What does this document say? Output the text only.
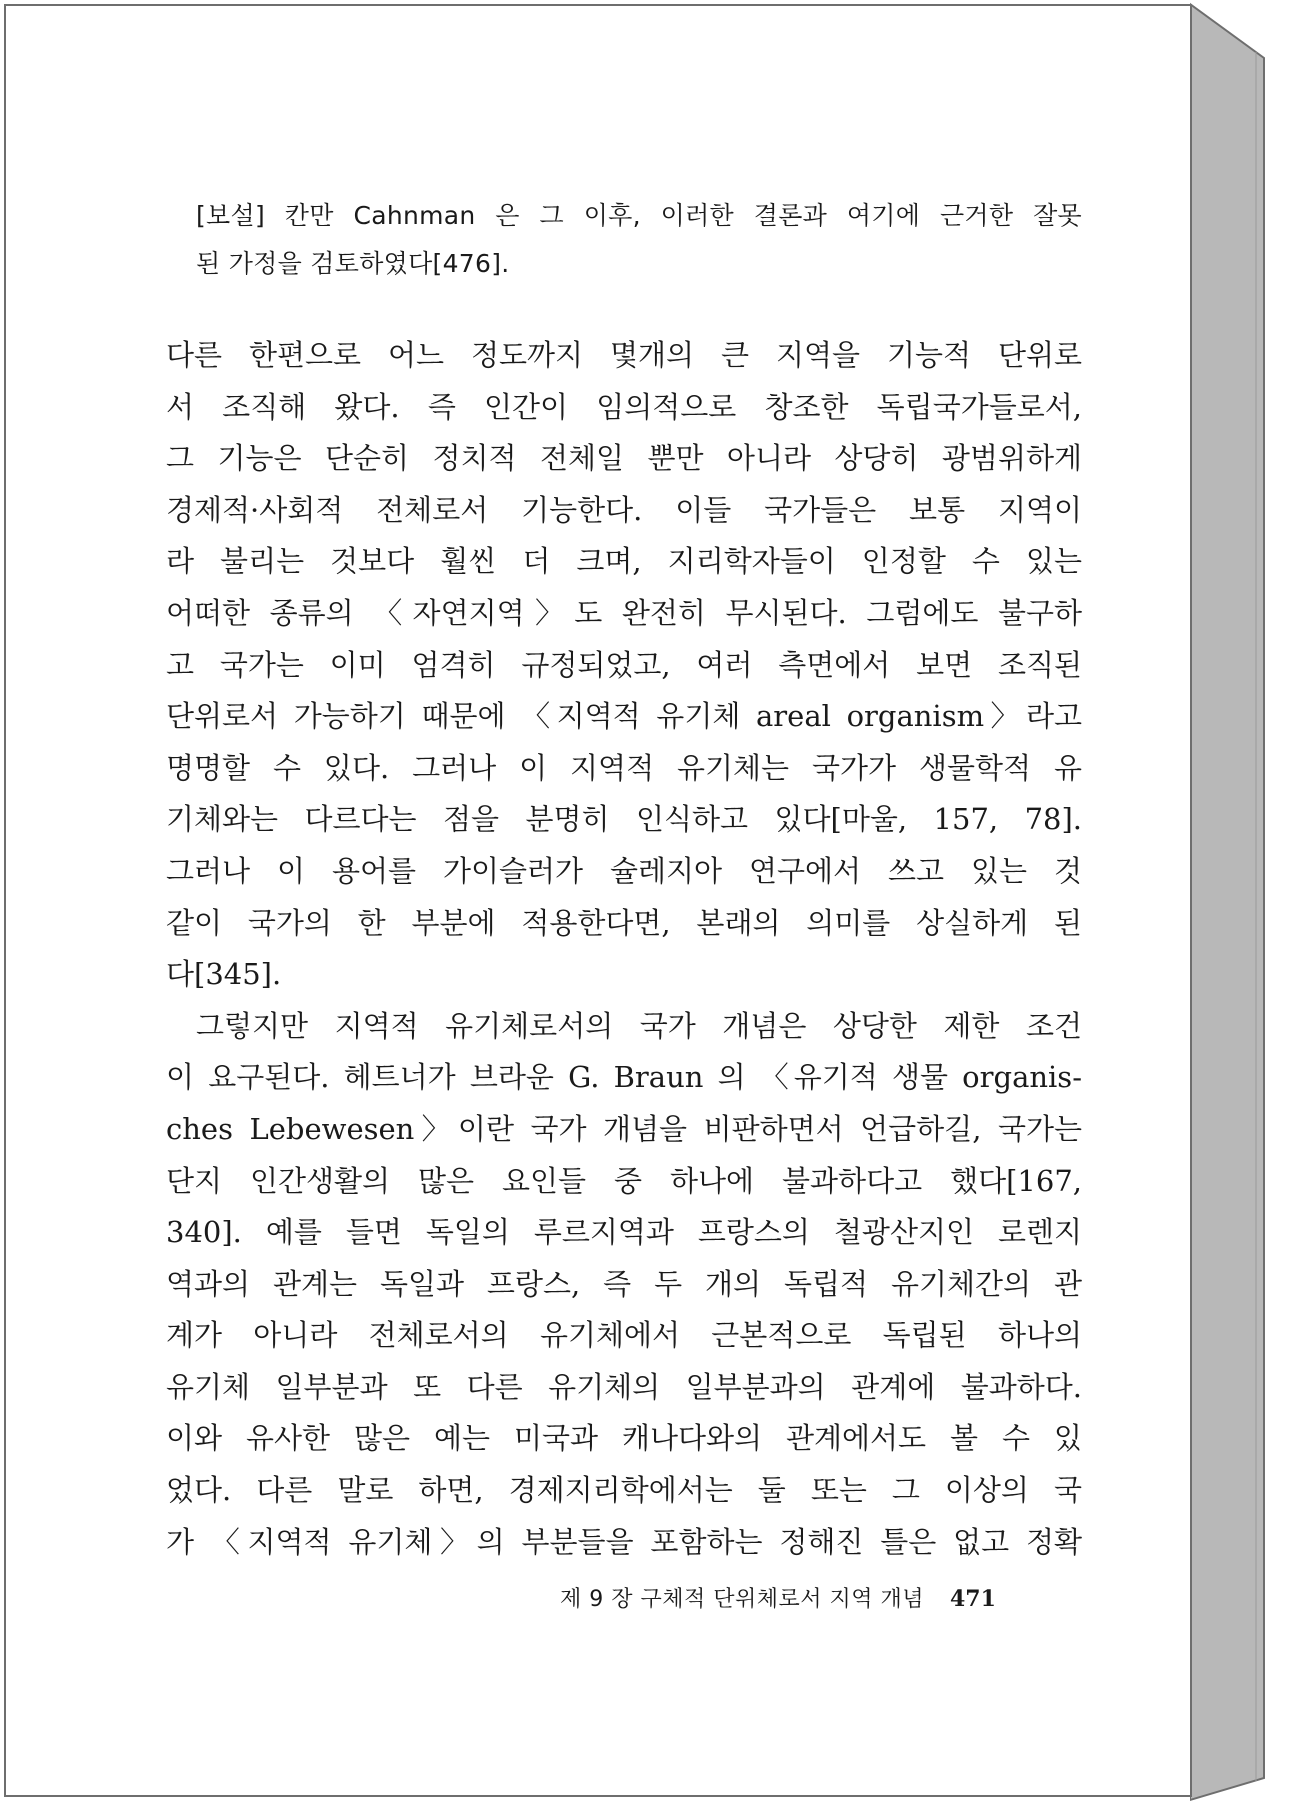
[보설] 칸만 Cahnman 은 그 이후, 이러한 결론과 여기에 근거한 잘못
된 가정을 검토하였다[476].
다른 한편으로 어느 정도까지 몇개의 큰 지역을 기능적 단위로
서 조직해 왔다. 즉 인간이 임의적으로 창조한 독립국가들로서,
그 기능은 단순히 정치적 전체일 뿐만 아니라 상당히 광범위하게
경제적·사회적 전체로서 기능한다. 이들 국가들은 보통 지역이
라 불리는 것보다 훨씬 더 크며, 지리학자들이 인정할 수 있는
어떠한 종류의 〈자연지역〉도 완전히 무시된다. 그럼에도 불구하
고 국가는 이미 엄격히 규정되었고, 여러 측면에서 보면 조직된
단위로서 가능하기 때문에 〈지역적 유기체 areal organism〉라고
명명할 수 있다. 그러나 이 지역적 유기체는 국가가 생물학적 유
기체와는 다르다는 점을 분명히 인식하고 있다[마울, 157, 78].
그러나 이 용어를 가이슬러가 슐레지아 연구에서 쓰고 있는 것
같이 국가의 한 부분에 적용한다면, 본래의 의미를 상실하게 된
다[345].
그렇지만 지역적 유기체로서의 국가 개념은 상당한 제한 조건
이 요구된다. 헤트너가 브라운 G. Braun 의 〈유기적 생물 organis-
ches Lebewesen〉이란 국가 개념을 비판하면서 언급하길, 국가는
단지 인간생활의 많은 요인들 중 하나에 불과하다고 했다[167,
340]. 예를 들면 독일의 루르지역과 프랑스의 철광산지인 로렌지
역과의 관계는 독일과 프랑스, 즉 두 개의 독립적 유기체간의 관
계가 아니라 전체로서의 유기체에서 근본적으로 독립된 하나의
유기체 일부분과 또 다른 유기체의 일부분과의 관계에 불과하다.
이와 유사한 많은 예는 미국과 캐나다와의 관계에서도 볼 수 있
었다. 다른 말로 하면, 경제지리학에서는 둘 또는 그 이상의 국
가 〈지역적 유기체〉의 부분들을 포함하는 정해진 틀은 없고 정확
제 9 장 구체적 단위체로서 지역 개념 471
